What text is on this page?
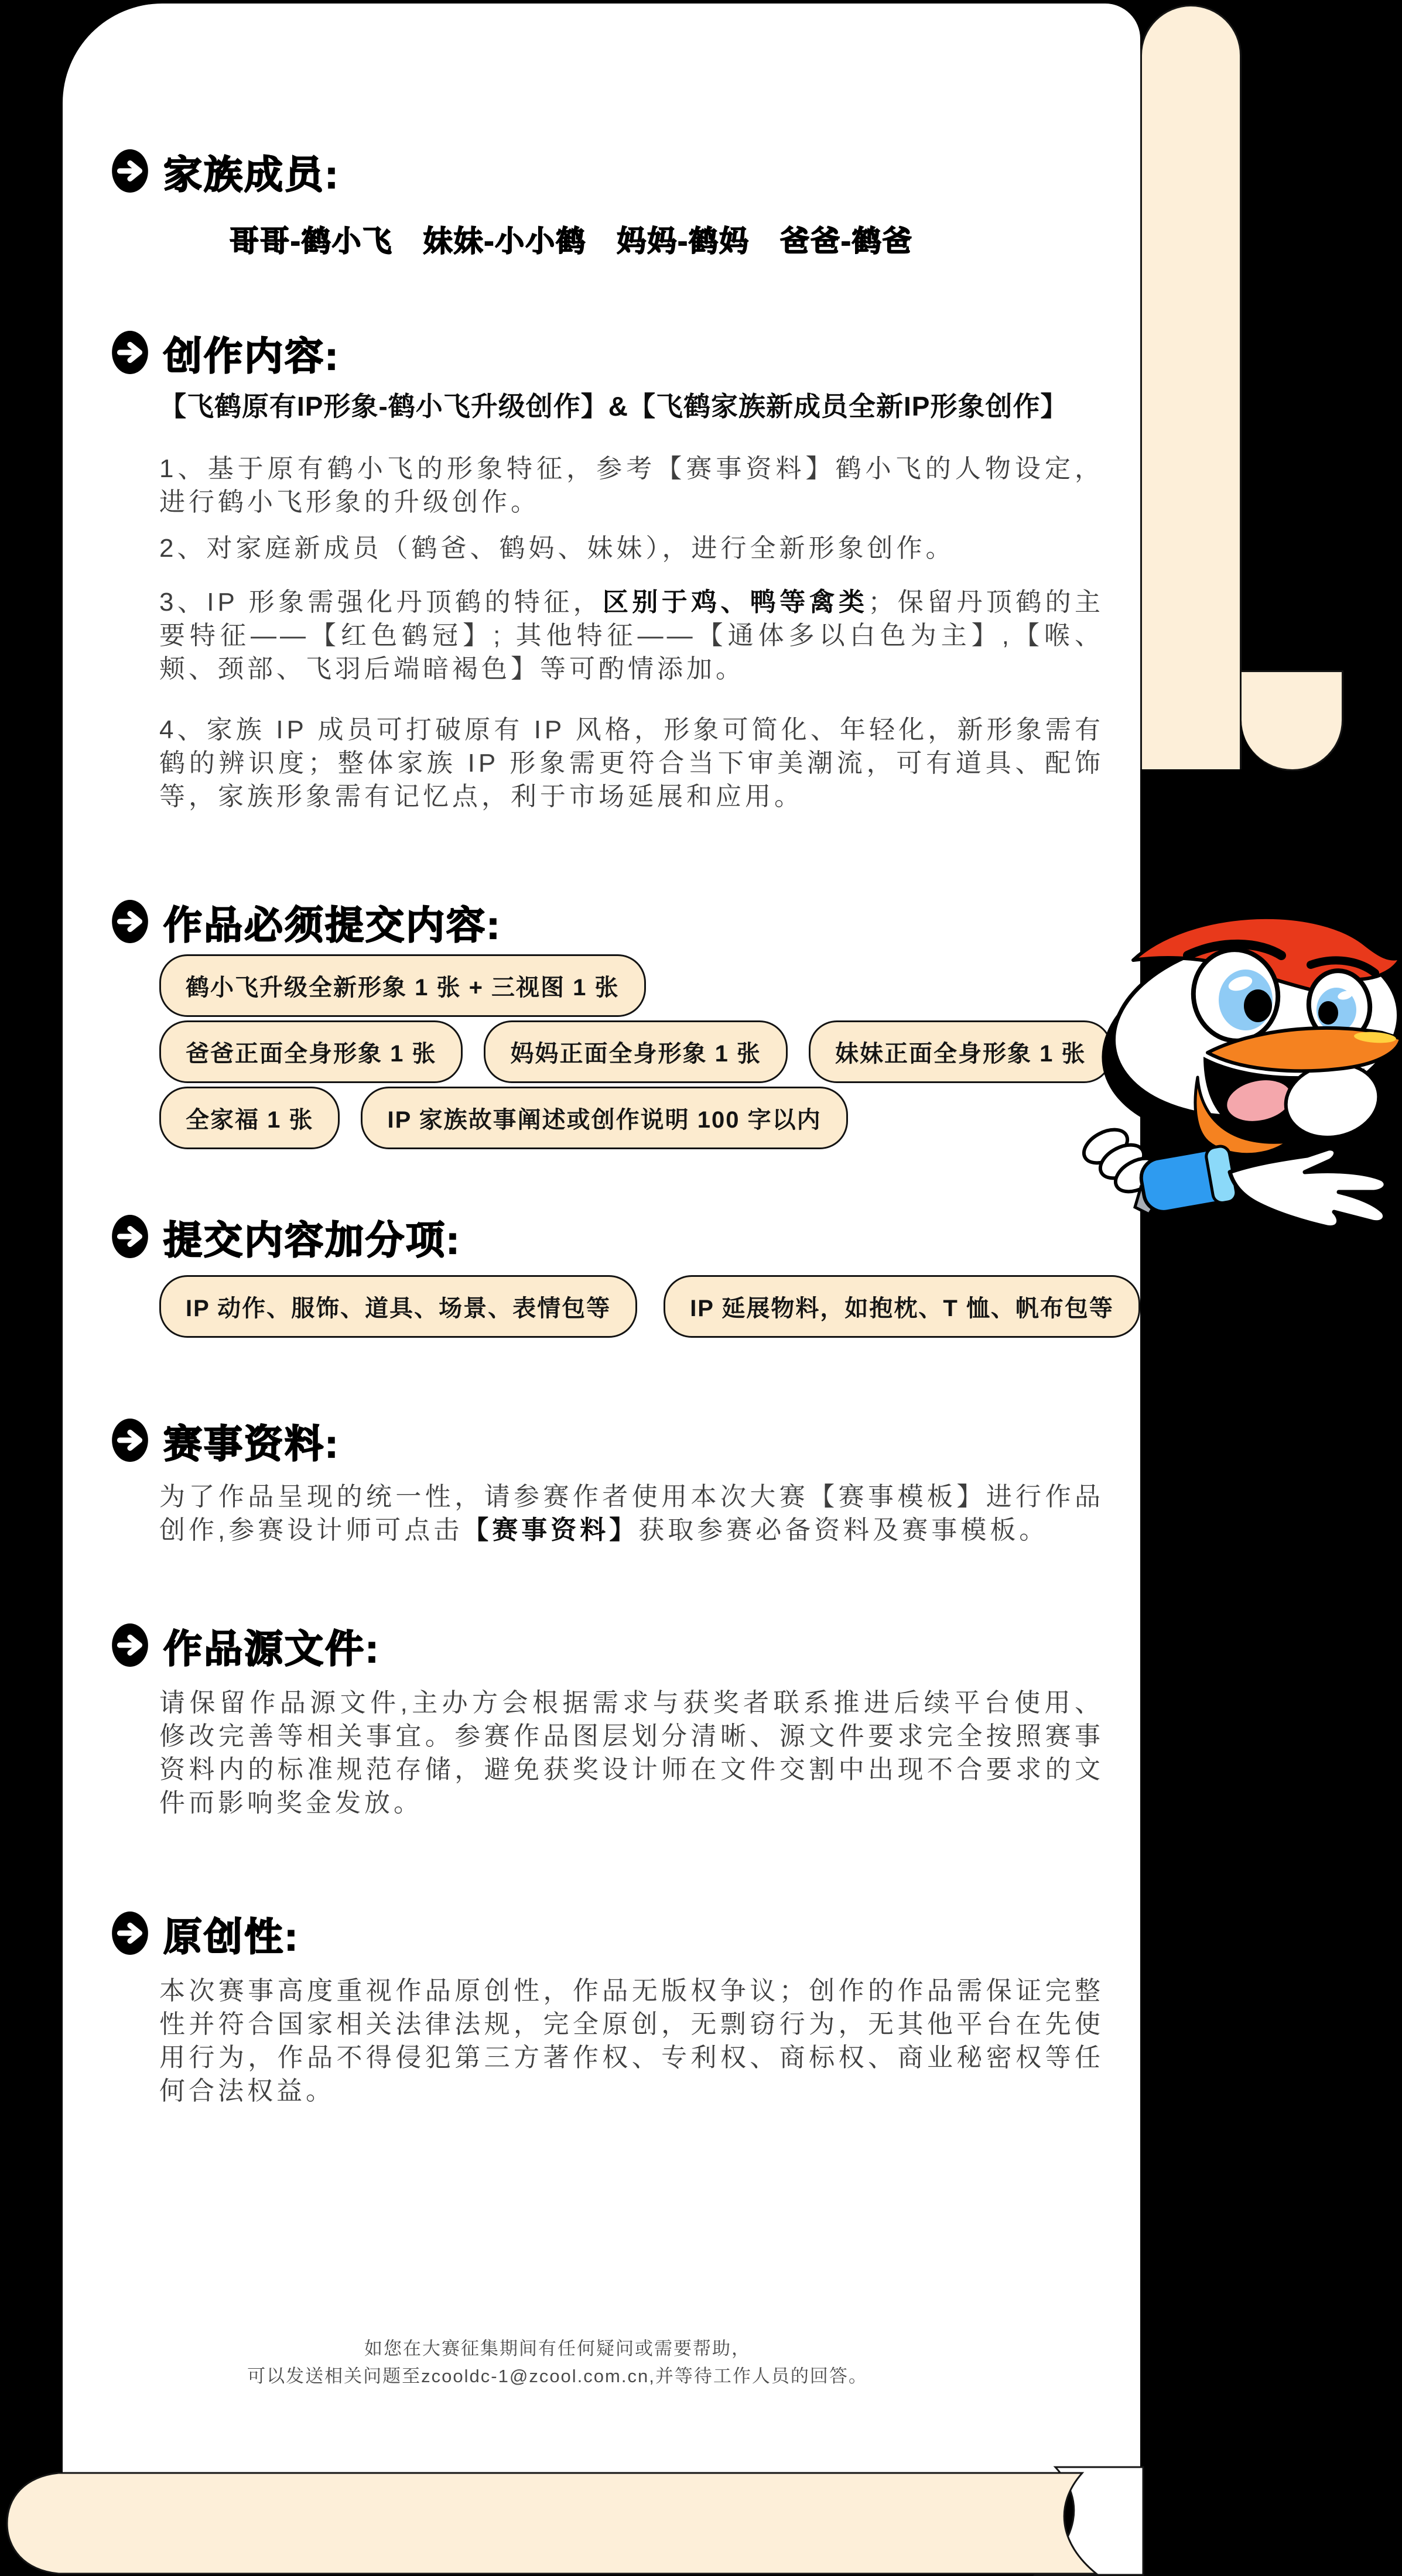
家族成员:

哥哥-鹤小飞　妹妹-小小鹤　妈妈-鹤妈　爸爸-鹤爸

创作内容:

【飞鹤原有IP形象-鹤小飞升级创作】&【飞鹤家族新成员全新IP形象创作】

1、基于原有鹤小飞的形象特征，参考【赛事资料】鹤小飞的人物设定，进行鹤小飞形象的升级创作。

2、对家庭新成员（鹤爸、鹤妈、妹妹），进行全新形象创作。

3、IP 形象需强化丹顶鹤的特征，区别于鸡、鸭等禽类；保留丹顶鹤的主要特征——【红色鹤冠】; 其他特征——【通体多以白色为主】,【喉、颊、颈部、飞羽后端暗褐色】等可酌情添加。

4、家族 IP 成员可打破原有 IP 风格，形象可简化、年轻化，新形象需有鹤的辨识度；整体家族 IP 形象需更符合当下审美潮流，可有道具、配饰等，家族形象需有记忆点，利于市场延展和应用。

作品必须提交内容:
鹤小飞升级全新形象 1 张 + 三视图 1 张
爸爸正面全身形象 1 张	妈妈正面全身形象 1 张	妹妹正面全身形象 1 张
全家福 1 张	IP 家族故事阐述或创作说明 100 字以内
提交内容加分项:
IP 动作、服饰、道具、场景、表情包等	IP 延展物料，如抱枕、T 恤、帆布包等
赛事资料:

为了作品呈现的统一性，请参赛作者使用本次大赛【赛事模板】进行作品创作,参赛设计师可点击【赛事资料】获取参赛必备资料及赛事模板。

作品源文件:

请保留作品源文件,主办方会根据需求与获奖者联系推进后续平台使用、修改完善等相关事宜。参赛作品图层划分清晰、源文件要求完全按照赛事资料内的标准规范存储，避免获奖设计师在文件交割中出现不合要求的文件而影响奖金发放。

原创性:

本次赛事高度重视作品原创性，作品无版权争议；创作的作品需保证完整性并符合国家相关法律法规，完全原创，无剽窃行为，无其他平台在先使用行为，作品不得侵犯第三方著作权、专利权、商标权、商业秘密权等任何合法权益。

如您在大赛征集期间有任何疑问或需要帮助，
可以发送相关问题至zcooldc-1@zcool.com.cn,并等待工作人员的回答。
